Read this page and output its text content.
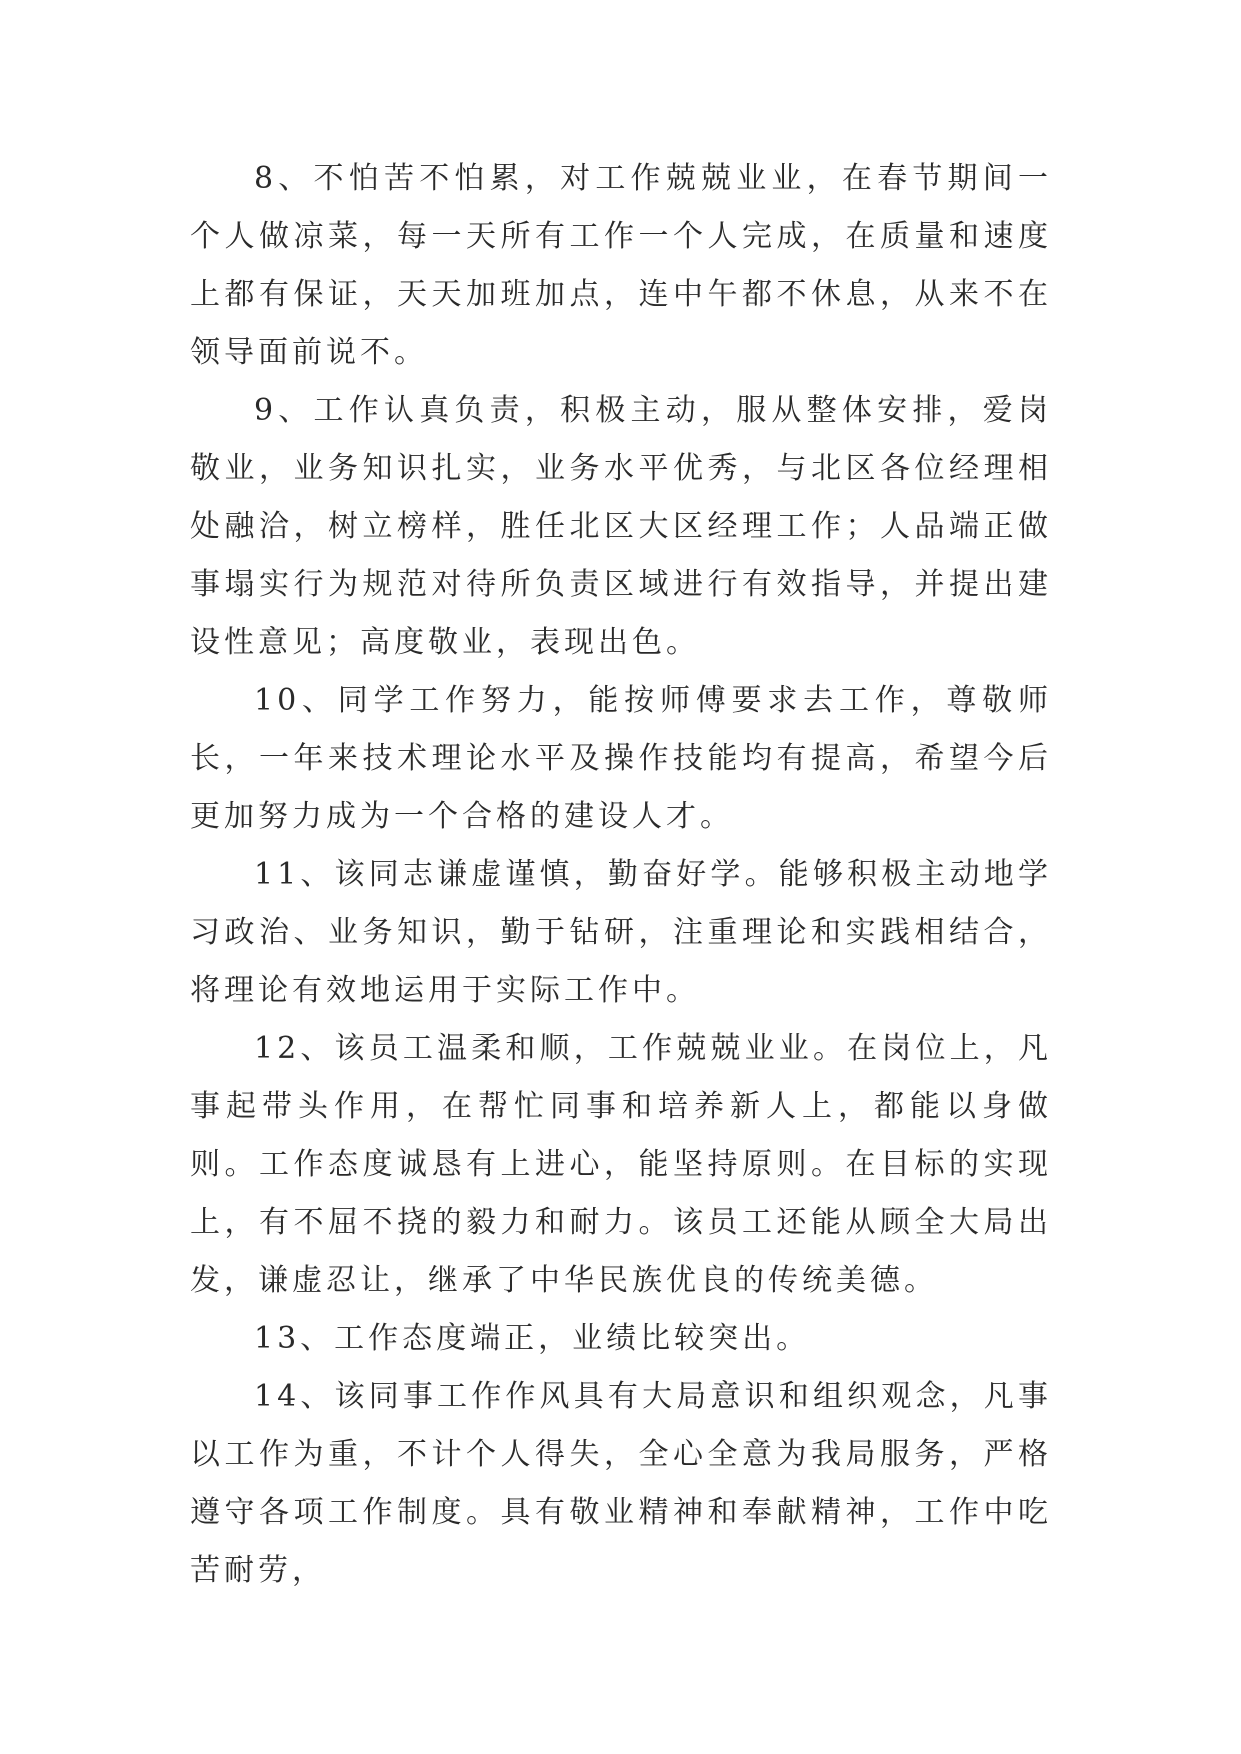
8、不怕苦不怕累，对工作兢兢业业，在春节期间一个人做凉菜，每一天所有工作一个人完成，在质量和速度上都有保证，天天加班加点，连中午都不休息，从来不在领导面前说不。

9、工作认真负责，积极主动，服从整体安排，爱岗敬业，业务知识扎实，业务水平优秀，与北区各位经理相处融洽，树立榜样，胜任北区大区经理工作；人品端正做事塌实行为规范对待所负责区域进行有效指导，并提出建设性意见；高度敬业，表现出色。

10、同学工作努力，能按师傅要求去工作，尊敬师长，一年来技术理论水平及操作技能均有提高，希望今后更加努力成为一个合格的建设人才。

11、该同志谦虚谨慎，勤奋好学。能够积极主动地学习政治、业务知识，勤于钻研，注重理论和实践相结合，将理论有效地运用于实际工作中。

12、该员工温柔和顺，工作兢兢业业。在岗位上，凡事起带头作用，在帮忙同事和培养新人上，都能以身做则。工作态度诚恳有上进心，能坚持原则。在目标的实现上，有不屈不挠的毅力和耐力。该员工还能从顾全大局出发，谦虚忍让，继承了中华民族优良的传统美德。

13、工作态度端正，业绩比较突出。

14、该同事工作作风具有大局意识和组织观念，凡事以工作为重，不计个人得失，全心全意为我局服务，严格遵守各项工作制度。具有敬业精神和奉献精神，工作中吃苦耐劳，
